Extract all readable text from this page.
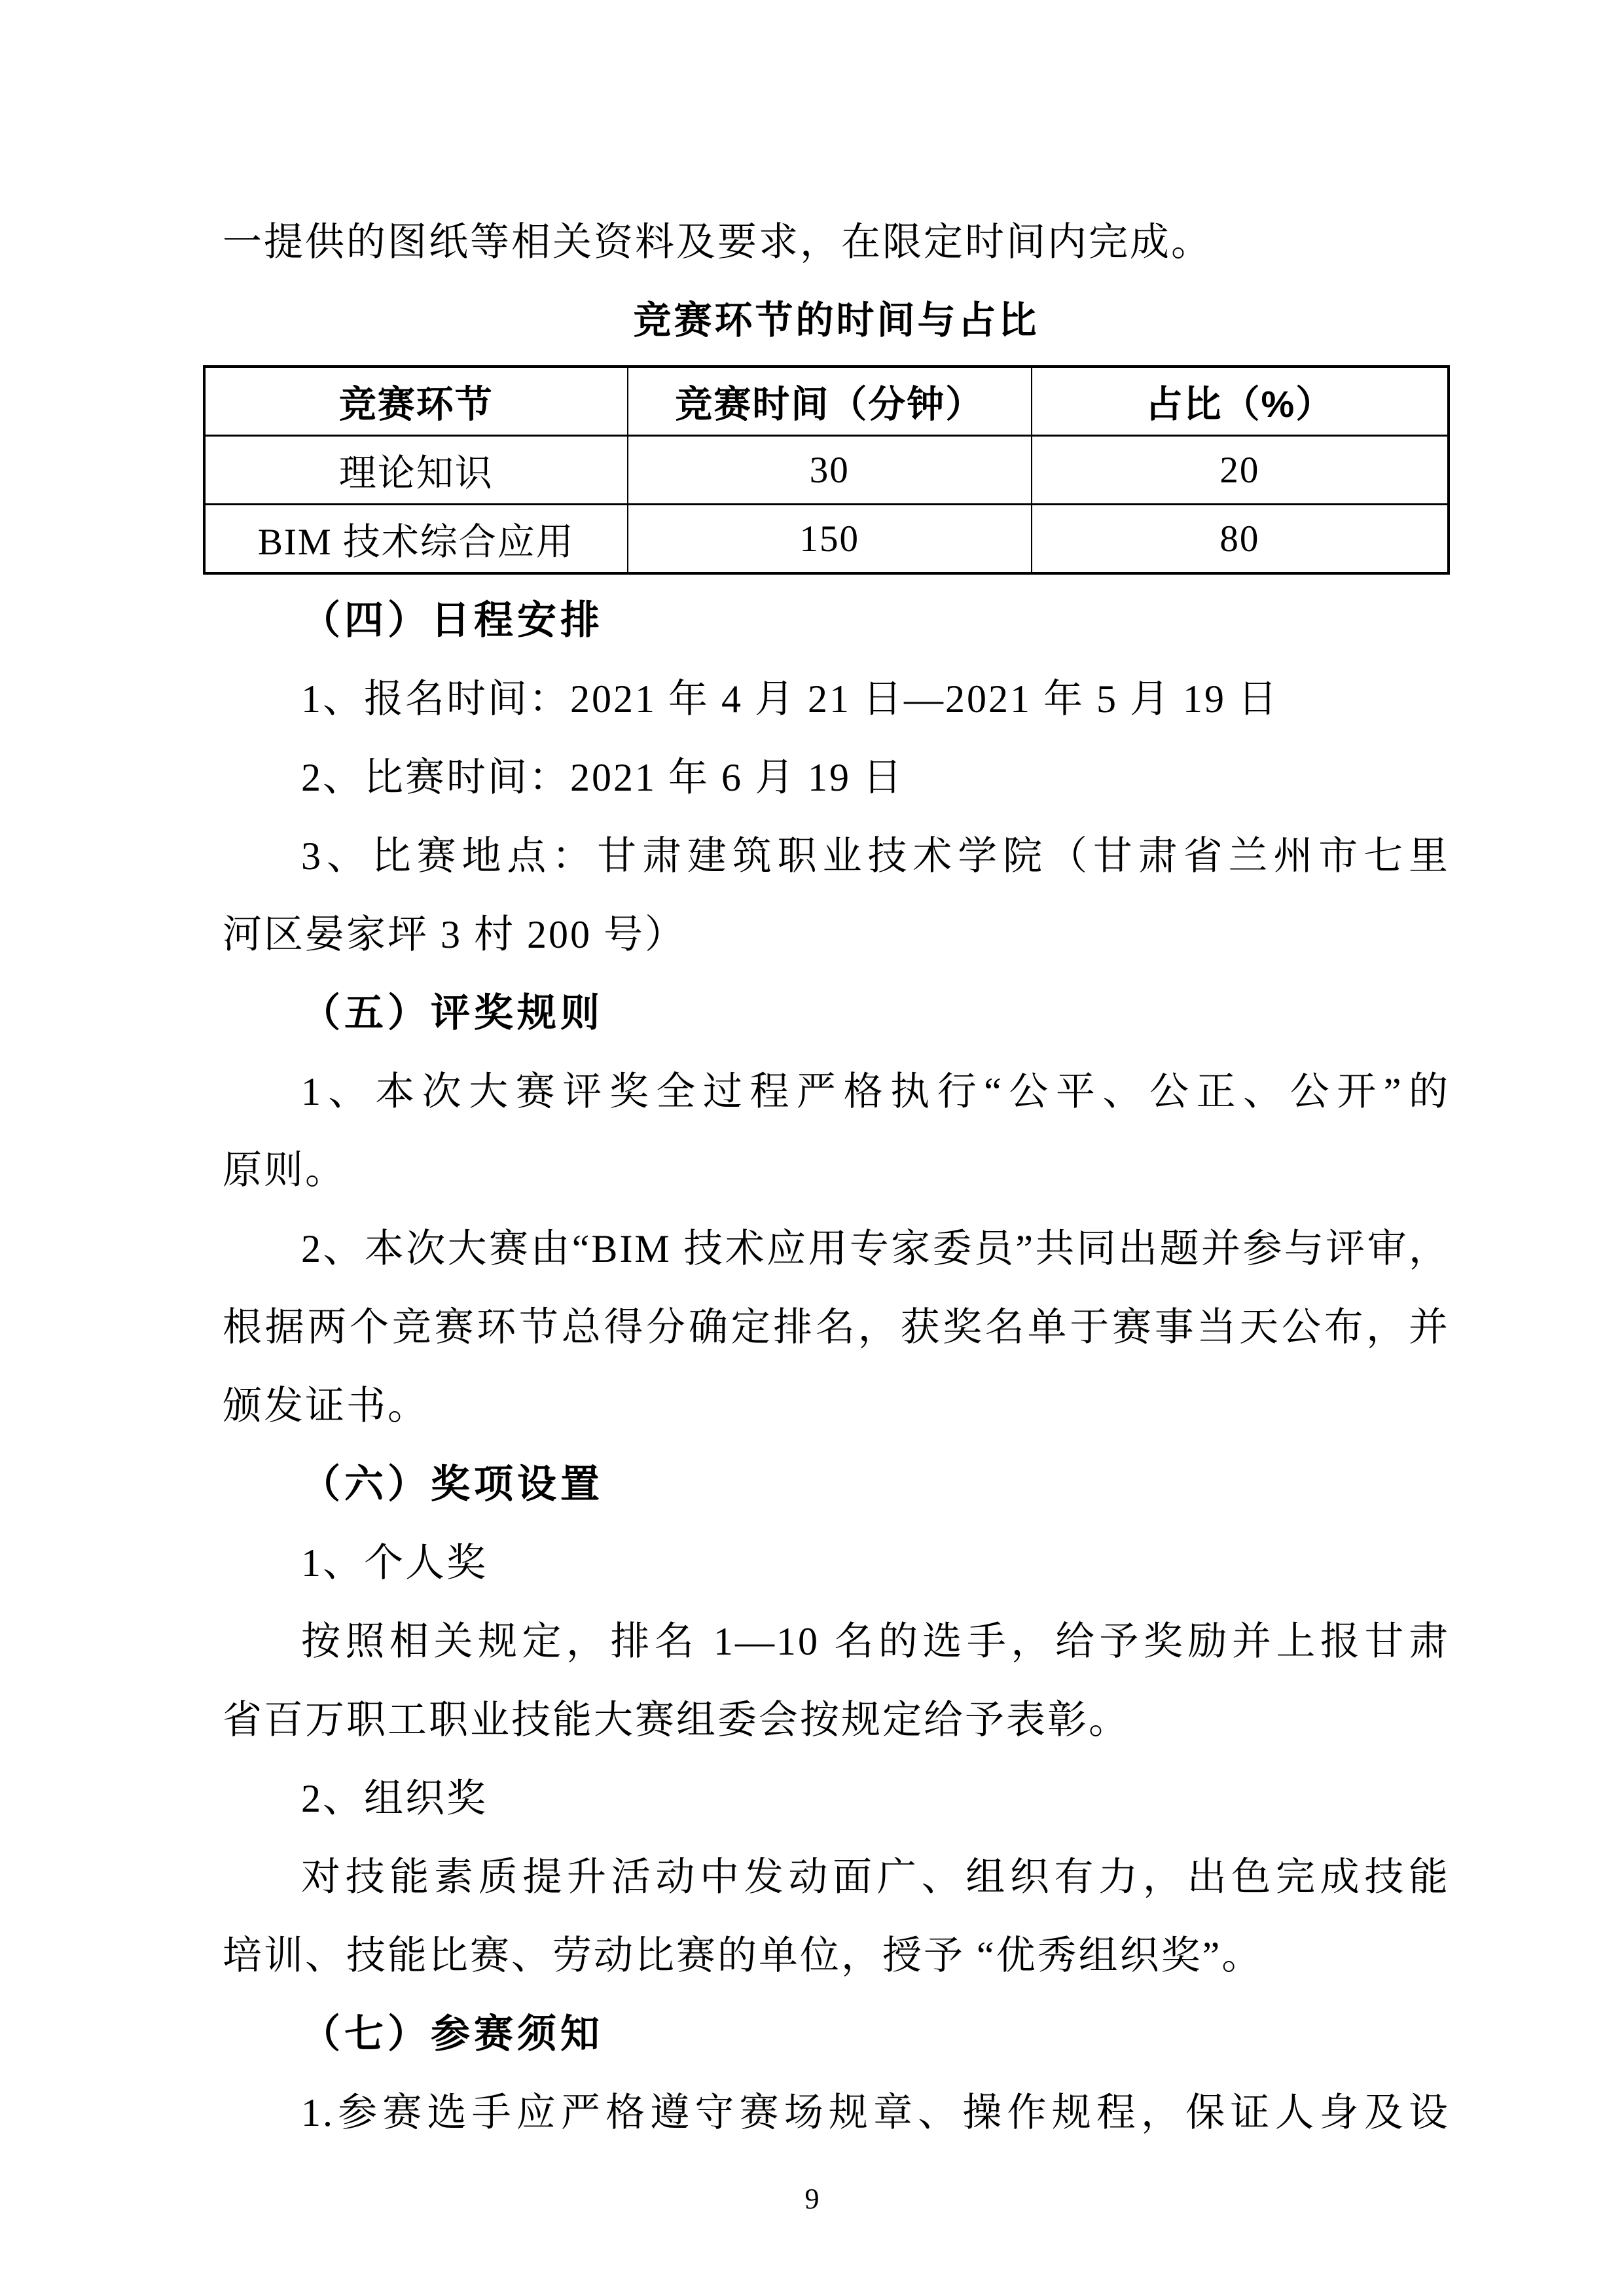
一提供的图纸等相关资料及要求，在限定时间内完成。
竞赛环节的时间与占比
竞赛环节	竞赛时间（分钟）	占比（%）
理论知识	30	20
BIM 技术综合应用	150	80
（四）日程安排
1、报名时间：2021 年 4 月 21 日—2021 年 5 月 19 日
2、比赛时间：2021 年 6 月 19 日
3、比赛地点：甘肃建筑职业技术学院（甘肃省兰州市七里
河区晏家坪 3 村 200 号）
（五）评奖规则
1、本次大赛评奖全过程严格执行“公平、公正、公开”的
原则。
2、本次大赛由“BIM 技术应用专家委员”共同出题并参与评审，
根据两个竞赛环节总得分确定排名，获奖名单于赛事当天公布，并
颁发证书。
（六）奖项设置
1、个人奖
按照相关规定，排名 1—10 名的选手，给予奖励并上报甘肃
省百万职工职业技能大赛组委会按规定给予表彰。
2、组织奖
对技能素质提升活动中发动面广、组织有力，出色完成技能
培训、技能比赛、劳动比赛的单位，授予 “优秀组织奖”。
（七）参赛须知
1.参赛选手应严格遵守赛场规章、操作规程，保证人身及设
9
